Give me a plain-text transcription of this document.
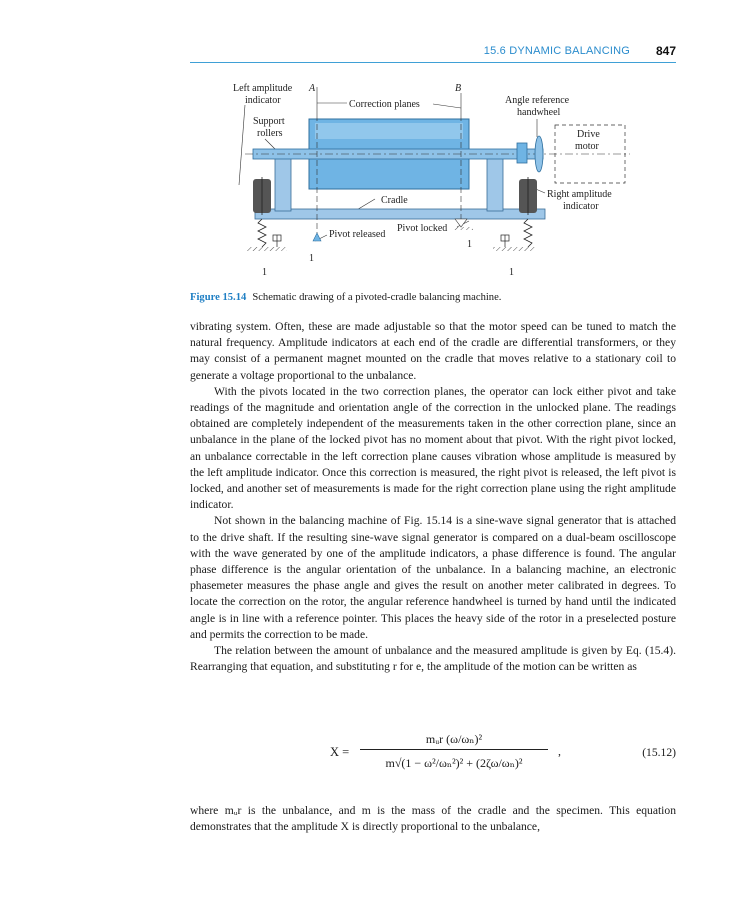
15.6 DYNAMIC BALANCING 847
Left amplitude
indicator
A	B
Correction planes	Angle reference
handwheel
Support
rollers	Drive
motor
Right amplitude
indicator
Cradle
Pivot released
Pivot locked
1
1
1	1
Figure 15.14 Schematic drawing of a pivoted-cradle balancing machine.

vibrating system. Often, these are made adjustable so that the motor speed can be tuned to match the natural frequency. Amplitude indicators at each end of the cradle are differential transformers, or they may consist of a permanent magnet mounted on the cradle that moves relative to a stationary coil to generate a voltage proportional to the unbalance.

With the pivots located in the two correction planes, the operator can lock either pivot and take readings of the magnitude and orientation angle of the correction in the unlocked plane. The readings obtained are completely independent of the measurements taken in the other correction plane, since an unbalance in the plane of the locked pivot has no moment about that pivot. With the right pivot locked, an unbalance correctable in the left correction plane causes vibration whose amplitude is measured by the left amplitude indicator. Once this correction is measured, the right pivot is released, the left pivot is locked, and another set of measurements is made for the right correction plane using the right amplitude indicator.

Not shown in the balancing machine of Fig. 15.14 is a sine-wave signal generator that is attached to the drive shaft. If the resulting sine-wave signal generator is compared on a dual-beam oscilloscope with the wave generated by one of the amplitude indicators, a phase difference is found. The angular phase difference is the angular orientation of the unbalance. In a balancing machine, an electronic phasemeter measures the phase angle and gives the result on another meter calibrated in degrees. To locate the correction on the rotor, the angular reference handwheel is turned by hand until the indicated angle is in line with a reference pointer. This places the heavy side of the rotor in a preselected posture and permits the correction to be made.

The relation between the amount of unbalance and the measured amplitude is given by Eq. (15.4). Rearranging that equation, and substituting r for e, the amplitude of the motion can be written as

X =
mᵤr (ω/ωₙ)²
m√(1 − ω²/ωₙ²)² + (2ζω/ωₙ)²
,	(15.12)

where mᵤr is the unbalance, and m is the mass of the cradle and the specimen. This equation demonstrates that the amplitude X is directly proportional to the unbalance,
